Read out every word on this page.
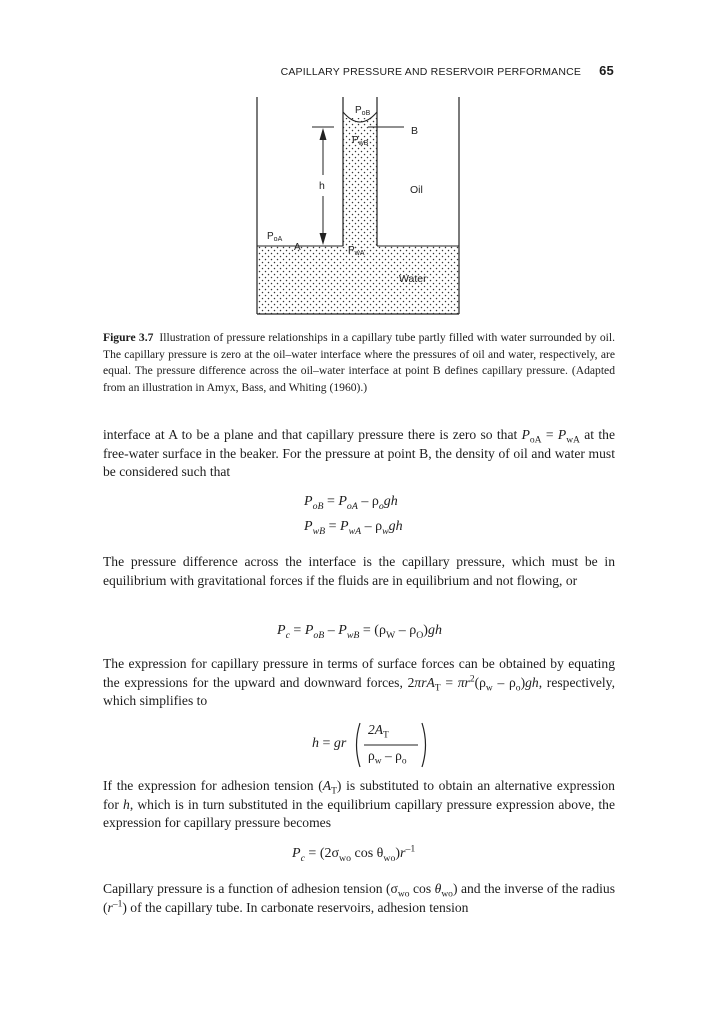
CAPILLARY PRESSURE AND RESERVOIR PERFORMANCE 65
$P_{oB}$
$P_{wB}$
B
h	Oil
$P_{oA}$
A	$P_{wA}$
Water
Figure 3.7 Illustration of pressure relationships in a capillary tube partly filled with water surrounded by oil. The capillary pressure is zero at the oil–water interface where the pressures of oil and water, respectively, are equal. The pressure difference across the oil–water interface at point B defines capillary pressure. (Adapted from an illustration in Amyx, Bass, and Whiting (1960).)
interface at A to be a plane and that capillary pressure there is zero so that $P_{oA} = P_{wA}$ at the free-water surface in the beaker. For the pressure at point B, the density of oil and water must be considered such that
$P_{oB} = P_{oA} - \rho_ogh$
$P_{wB} = P_{wA} - \rho_wgh$
The pressure difference across the interface is the capillary pressure, which must be in equilibrium with gravitational forces if the fluids are in equilibrium and not flowing, or
$P_c = P_{oB} - P_{wB} = (\rho_W - \rho_O)gh$
The expression for capillary pressure in terms of surface forces can be obtained by equating the expressions for the upward and downward forces, $2\pi rA_T = \pi r^2(\rho_w - \rho_o)gh$, respectively, which simplifies to
h = gr
$2A_T$
$\rho_w - \rho_o$
If the expression for adhesion tension $(A_T)$ is substituted to obtain an alternative expression for h, which is in turn substituted in the equilibrium capillary pressure expression above, the expression for capillary pressure becomes
$P_c = (2\sigma_{wo}$ $\cos \theta_{wo})r^{-1}$
Capillary pressure is a function of adhesion tension ($\sigma_{wo}$ $\cos \theta_{wo}$) and the inverse of the radius $(r^{-1})$ of the capillary tube. In carbonate reservoirs, adhesion tension
